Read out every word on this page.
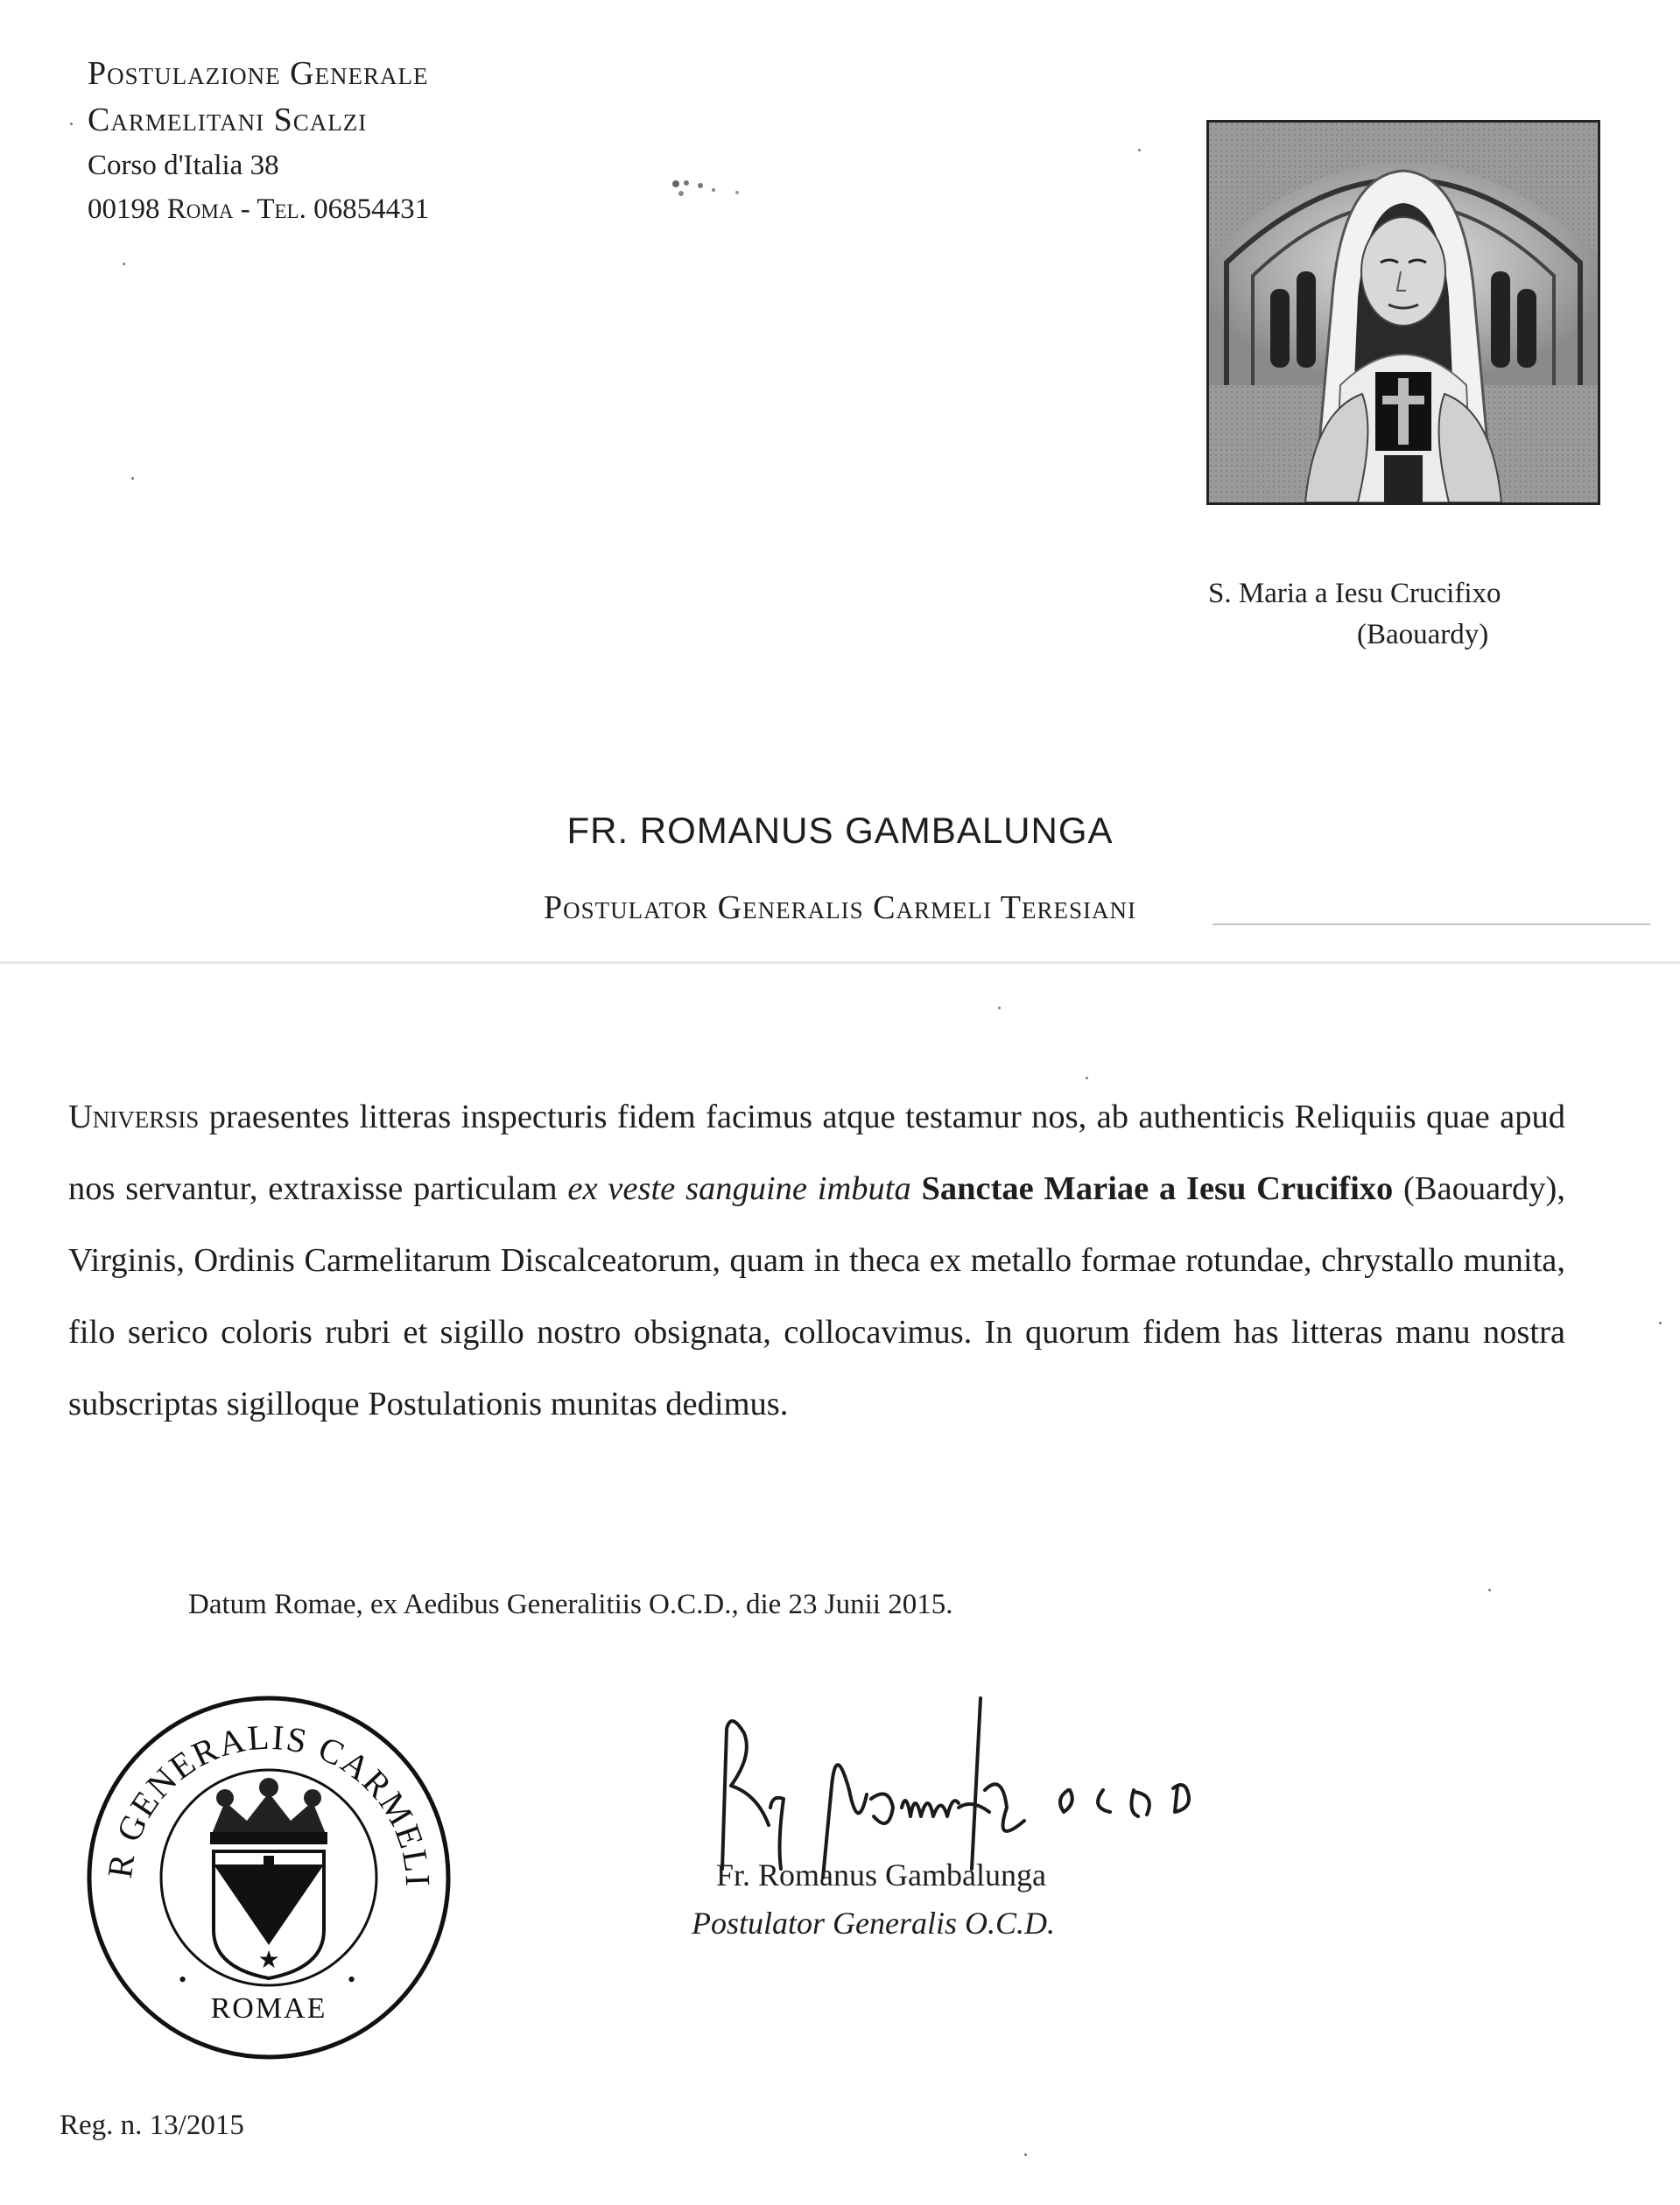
Postulazione Generale
Carmelitani Scalzi
Corso d'Italia 38
00198 Roma - Tel. 06854431
S. Maria a Iesu Crucifixo
(Baouardy)
FR. ROMANUS GAMBALUNGA
Postulator Generalis Carmeli Teresiani
Universis praesentes litteras inspecturis fidem facimus atque testamur nos, ab authenticis Reliquiis quae apud nos servantur, extraxisse particulam ex veste sanguine imbuta Sanctae Mariae a Iesu Crucifixo (Baouardy), Virginis, Ordinis Carmelitarum Discalceatorum, quam in theca ex metallo formae rotundae, chrystallo munita, filo serico coloris rubri et sigillo nostro obsignata, collocavimus. In quorum fidem has litteras manu nostra subscriptas sigilloque Postulationis munitas dedimus.
Datum Romae, ex Aedibus Generalitiis O.C.D., die 23 Junii 2015.
R GENERALIS CARMELI
ROMAE
•	•
★ ★
★
Fr. Romanus Gambalunga
Postulator Generalis O.C.D.
Reg. n. 13/2015
